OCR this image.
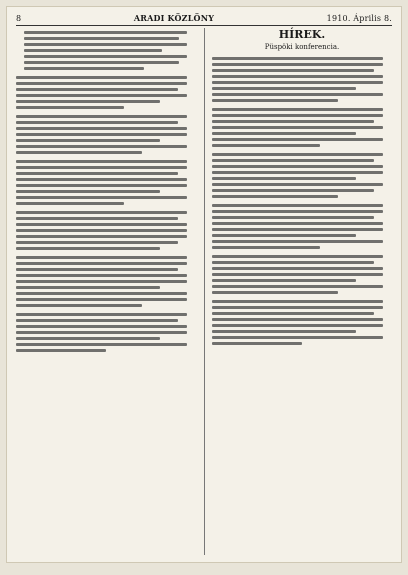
8	ARADI KÖZLÖNY	1910. Április 8.
HÍREK.
Püspöki konferencia.
